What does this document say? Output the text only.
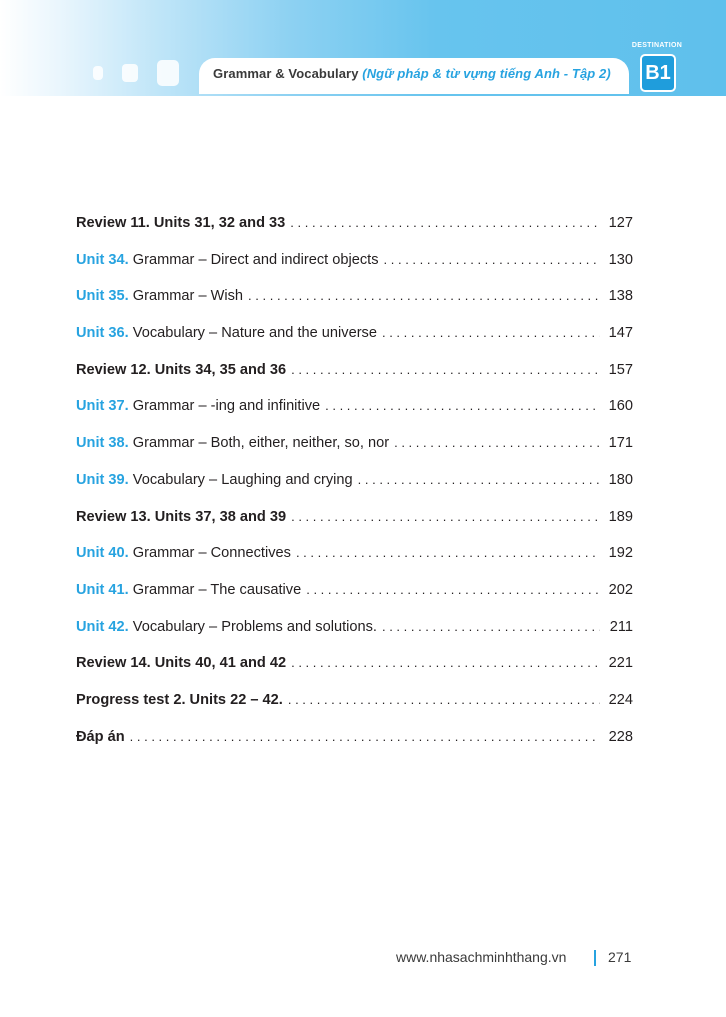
Grammar & Vocabulary (Ngữ pháp & từ vựng tiếng Anh - Tập 2)
DESTINATION
B1
Review 11. Units 31, 32 and 33 . . .	127
Unit 34. Grammar – Direct and indirect objects . . .	130
Unit 35. Grammar – Wish . . .	138
Unit 36. Vocabulary – Nature and the universe . . .	147
Review 12. Units 34, 35 and 36 . . .	157
Unit 37. Grammar – -ing and infinitive . . .	160
Unit 38. Grammar – Both, either, neither, so, nor . . .	171
Unit 39. Vocabulary – Laughing and crying . . .	180
Review 13. Units 37, 38 and 39 . . .	189
Unit 40. Grammar – Connectives . . .	192
Unit 41. Grammar – The causative . . .	202
Unit 42. Vocabulary – Problems and solutions. . . .	211
Review 14. Units 40, 41 and 42 . . .	221
Progress test 2. Units 22 – 42. . . .	224
Đáp án . . .	228
www.nhasachminhthang.vn	271
